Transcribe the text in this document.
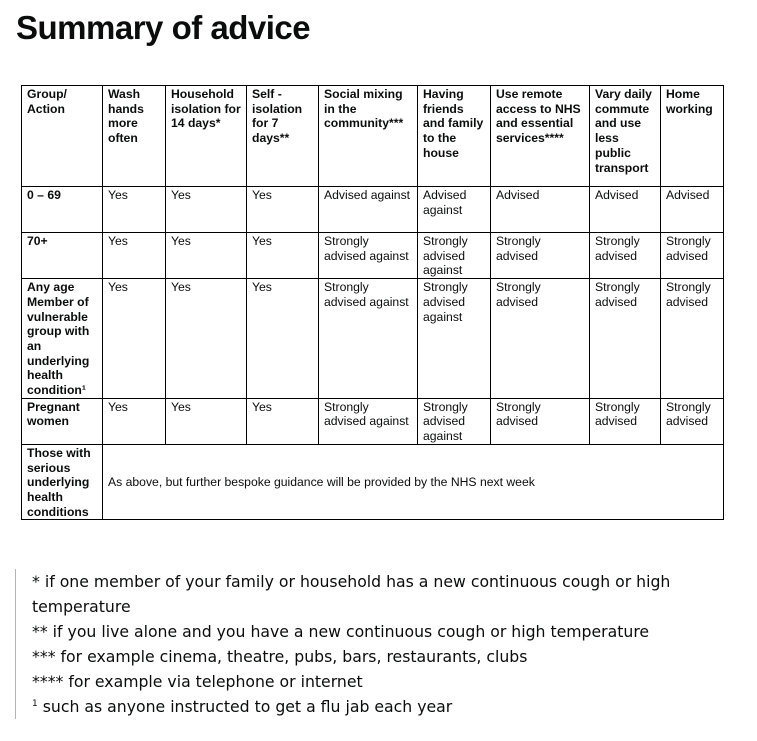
Summary of advice
Group/ Action	Wash hands more often	Household isolation for 14 days*	Self - isolation for 7 days**	Social mixing in the community***	Having friends and family to the house	Use remote access to NHS and essential services****	Vary daily commute and use less public transport	Home working
0 – 69	Yes	Yes	Yes	Advised against	Advised against	Advised	Advised	Advised
70+	Yes	Yes	Yes	Strongly advised against	Strongly advised against	Strongly advised	Strongly advised	Strongly advised
Any age Member of vulnerable group with an underlying health condition¹	Yes	Yes	Yes	Strongly advised against	Strongly advised against	Strongly advised	Strongly advised	Strongly advised
Pregnant women	Yes	Yes	Yes	Strongly advised against	Strongly advised against	Strongly advised	Strongly advised	Strongly advised
Those with serious underlying health conditions	As above, but further bespoke guidance will be provided by the NHS next week							

* if one member of your family or household has a new continuous cough or high temperature

** if you live alone and you have a new continuous cough or high temperature

*** for example cinema, theatre, pubs, bars, restaurants, clubs

**** for example via telephone or internet

$^1$ such as anyone instructed to get a flu jab each year
